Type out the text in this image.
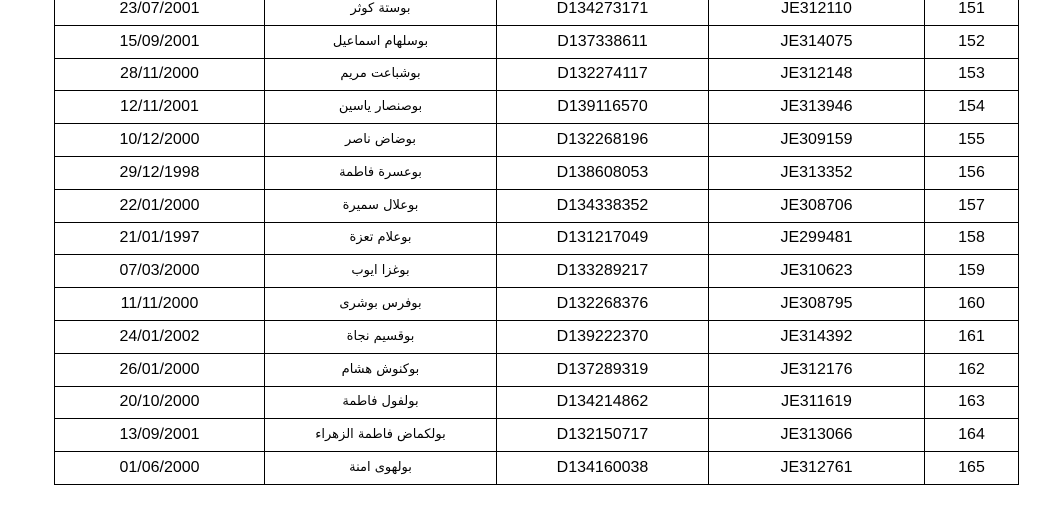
23/07/2001	بوستة كوثر	D134273171	JE312110	151
15/09/2001	بوسلهام اسماعيل	D137338611	JE314075	152
28/11/2000	بوشباعت مريم	D132274117	JE312148	153
12/11/2001	بوصنصار ياسين	D139116570	JE313946	154
10/12/2000	بوضاض ناصر	D132268196	JE309159	155
29/12/1998	بوعسرة فاطمة	D138608053	JE313352	156
22/01/2000	بوعلال سميرة	D134338352	JE308706	157
21/01/1997	بوعلام تعزة	D131217049	JE299481	158
07/03/2000	بوغزا ايوب	D133289217	JE310623	159
11/11/2000	بوفرس بوشرى	D132268376	JE308795	160
24/01/2002	بوقسيم نجاة	D139222370	JE314392	161
26/01/2000	بوكنوش هشام	D137289319	JE312176	162
20/10/2000	بولفول فاطمة	D134214862	JE311619	163
13/09/2001	بولكماض فاطمة الزهراء	D132150717	JE313066	164
01/06/2000	بولهوى امنة	D134160038	JE312761	165
